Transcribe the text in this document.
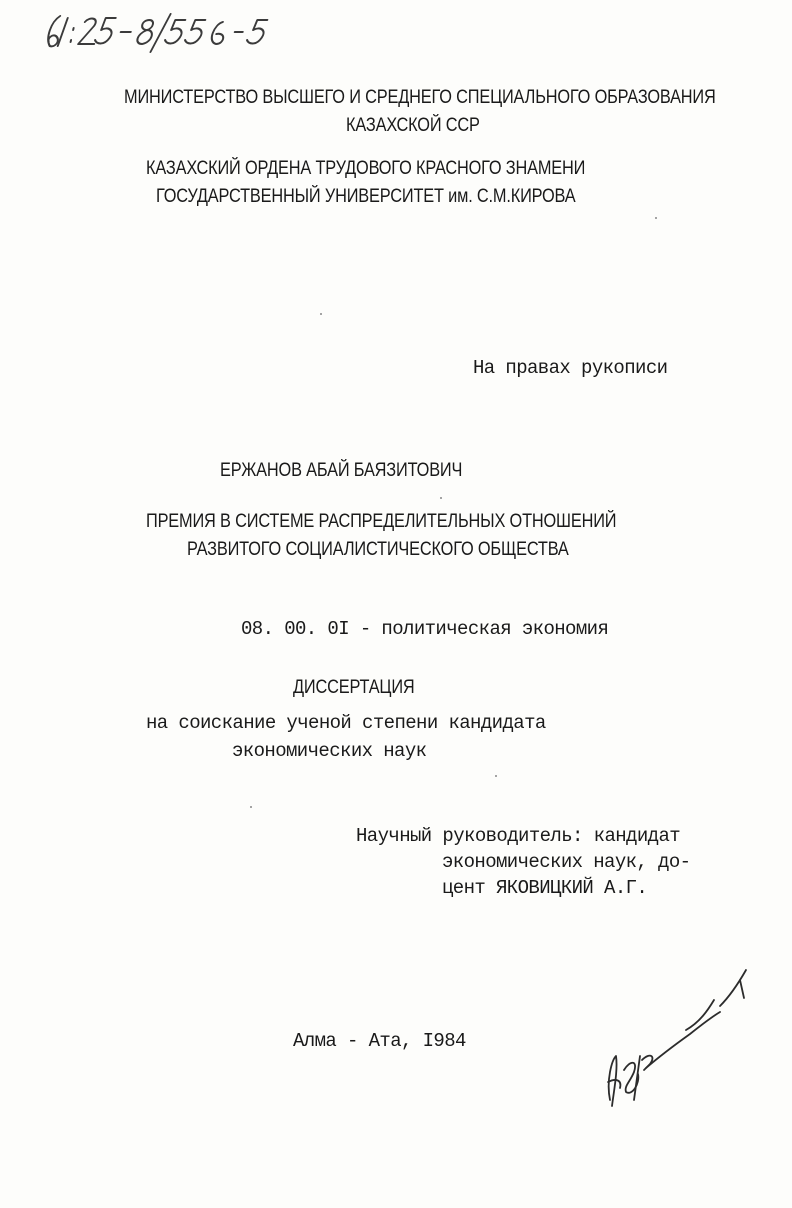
МИНИСТЕРСТВО ВЫСШЕГО И СРЕДНЕГО СПЕЦИАЛЬНОГО ОБРАЗОВАНИЯ
КАЗАХСКОЙ ССР
КАЗАХСКИЙ ОРДЕНА ТРУДОВОГО КРАСНОГО ЗНАМЕНИ
ГОСУДАРСТВЕННЫЙ УНИВЕРСИТЕТ им. С.М.КИРОВА
На правах рукописи
ЕРЖАНОВ АБАЙ БАЯЗИТОВИЧ
ПРЕМИЯ В СИСТЕМЕ РАСПРЕДЕЛИТЕЛЬНЫХ ОТНОШЕНИЙ
РАЗВИТОГО СОЦИАЛИСТИЧЕСКОГО ОБЩЕСТВА
08. 00. 0I - политическая экономия
ДИССЕРТАЦИЯ
на соискание ученой степени кандидата
экономических наук
Научный руководитель: кандидат
экономических наук, до-
цент ЯКОВИЦКИЙ А.Г.
Алма - Ата, I984
